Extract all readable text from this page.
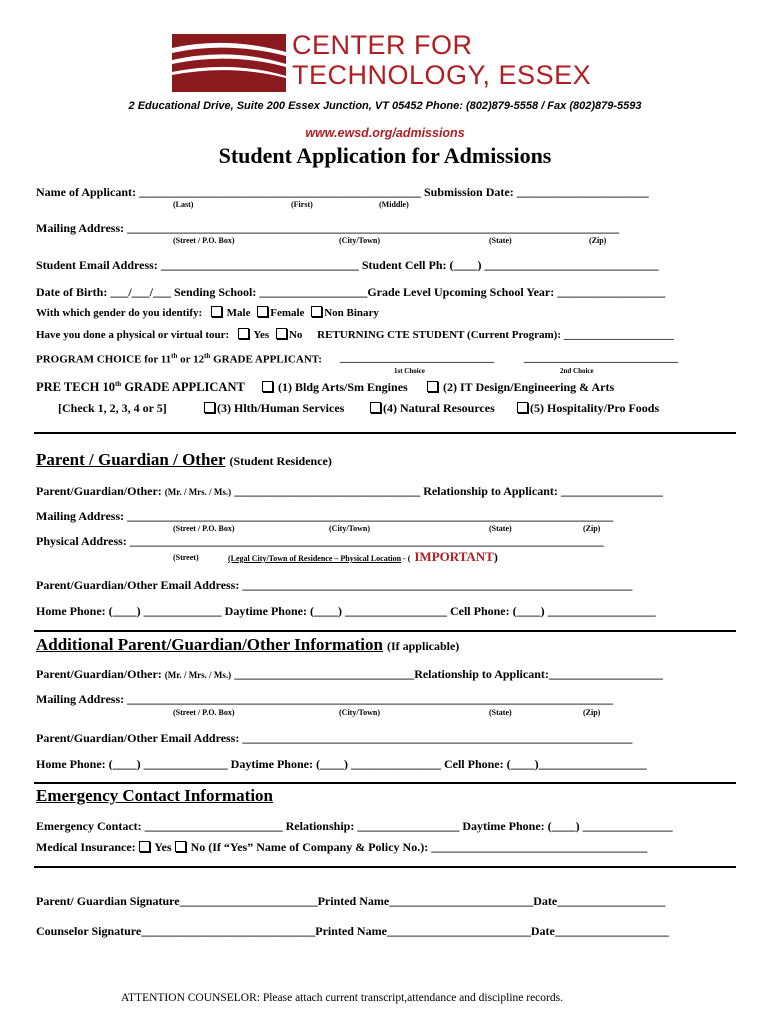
CENTER FOR
TECHNOLOGY, ESSEX
2 Educational Drive, Suite 200 Essex Junction, VT 05452 Phone: (802)879-5558 / Fax (802)879-5593
www.ewsd.org/admissions
Student Application for Admissions
Name of Applicant: _______________________________________________ Submission Date: ______________________
(Last)	(First)	(Middle)
Mailing Address: __________________________________________________________________________________
(Street / P.O. Box)	(City/Town)	(State)	(Zip)
Student Email Address: _________________________________ Student Cell Ph: (____) _____________________________
Date of Birth: ___/___/___ Sending School: __________________Grade Level Upcoming School Year: __________________
With which gender do you identify: Male Female Non Binary
Have you done a physical or virtual tour: Yes No RETURNING CTE STUDENT (Current Program): ____________________
PROGRAM CHOICE for 11th or 12th GRADE APPLICANT: ____________________________	____________________________
1st Choice	2nd Choice
PRE TECH 10th GRADE APPLICANT	(1) Bldg Arts/Sm Engines	(2) IT Design/Engineering & Arts
[Check 1, 2, 3, 4 or 5]	(3) Hlth/Human Services	(4) Natural Resources	(5) Hospitality/Pro Foods
Parent / Guardian / Other (Student Residence)
Parent/Guardian/Other: (Mr. / Mrs. / Ms.) _______________________________ Relationship to Applicant: _________________
Mailing Address: _________________________________________________________________________________
(Street / P.O. Box)	(City/Town)	(State)	(Zip)
Physical Address: _______________________________________________________________________________
(Street)	(Legal City/Town of Residence – Physical Location - ( IMPORTANT)
Parent/Guardian/Other Email Address: _________________________________________________________________
Home Phone: (____) _____________ Daytime Phone: (____) _________________ Cell Phone: (____) __________________
Additional Parent/Guardian/Other Information (If applicable)
Parent/Guardian/Other: (Mr. / Mrs. / Ms.) ______________________________Relationship to Applicant:___________________
Mailing Address: _________________________________________________________________________________
(Street / P.O. Box)	(City/Town)	(State)	(Zip)
Parent/Guardian/Other Email Address: _________________________________________________________________
Home Phone: (____) ______________ Daytime Phone: (____) _______________ Cell Phone: (____)__________________
Emergency Contact Information
Emergency Contact: _______________________ Relationship: _________________ Daytime Phone: (____) _______________
Medical Insurance: Yes No (If “Yes” Name of Company & Policy No.): ____________________________________
Parent/ Guardian Signature_______________________Printed Name________________________Date__________________
Counselor Signature_____________________________Printed Name________________________Date___________________
ATTENTION COUNSELOR: Please attach current transcript,attendance and discipline records.
